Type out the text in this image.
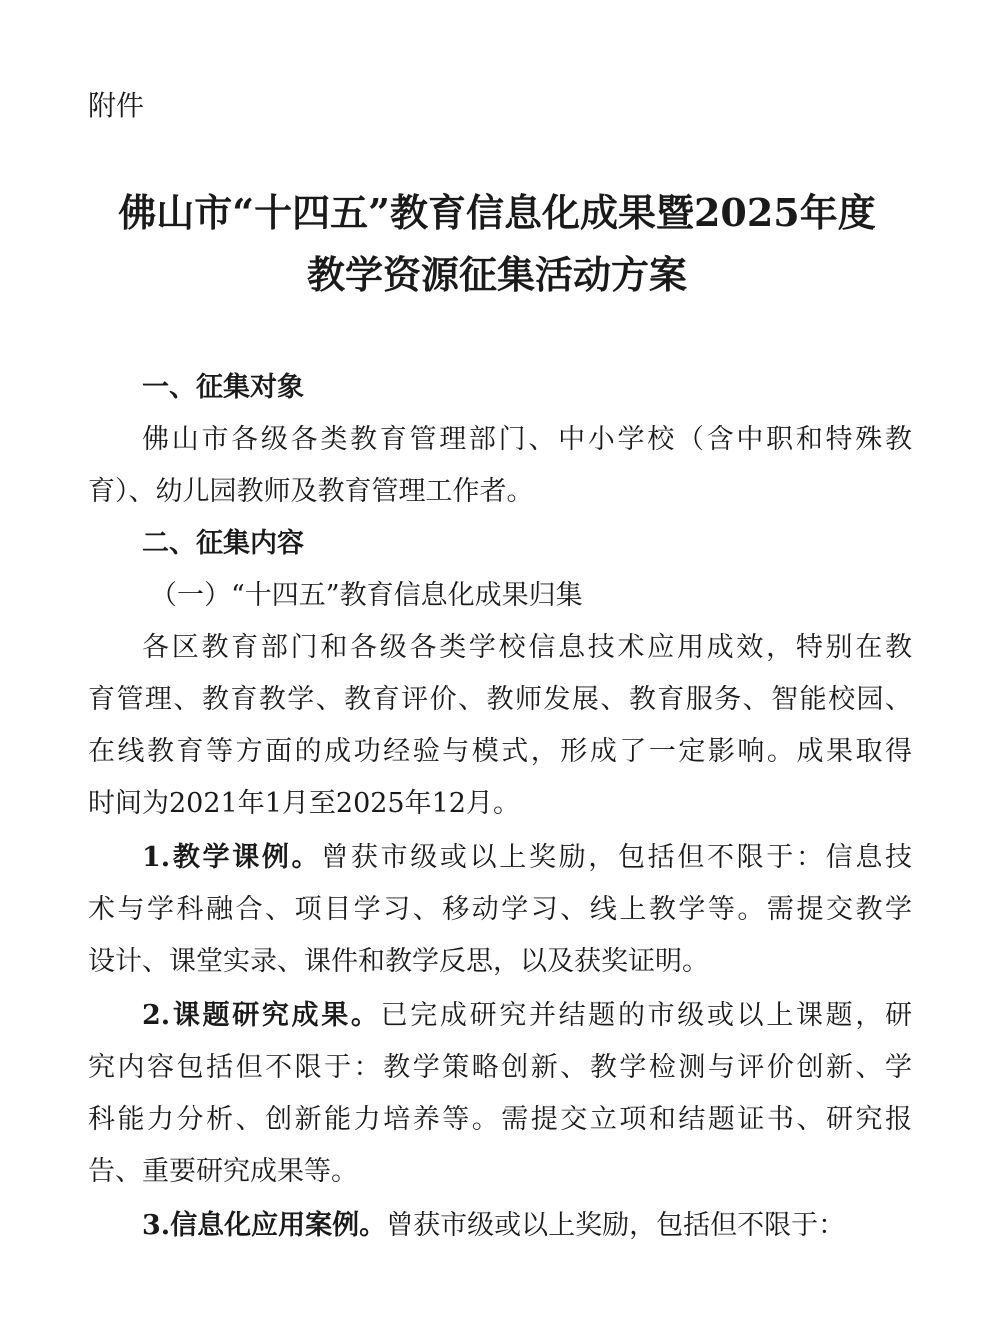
附件

佛山市“十四五”教育信息化成果暨2025年度
教学资源征集活动方案

一、征集对象

佛山市各级各类教育管理部门、中小学校（含中职和特殊教

育）、幼儿园教师及教育管理工作者。

二、征集内容

（一）“十四五”教育信息化成果归集

各区教育部门和各级各类学校信息技术应用成效，特别在教

育管理、教育教学、教育评价、教师发展、教育服务、智能校园、

在线教育等方面的成功经验与模式，形成了一定影响。成果取得

时间为2021年1月至2025年12月。

1.教学课例。曾获市级或以上奖励，包括但不限于：信息技

术与学科融合、项目学习、移动学习、线上教学等。需提交教学

设计、课堂实录、课件和教学反思，以及获奖证明。

2.课题研究成果。已完成研究并结题的市级或以上课题，研

究内容包括但不限于：教学策略创新、教学检测与评价创新、学

科能力分析、创新能力培养等。需提交立项和结题证书、研究报

告、重要研究成果等。

3.信息化应用案例。曾获市级或以上奖励，包括但不限于：
